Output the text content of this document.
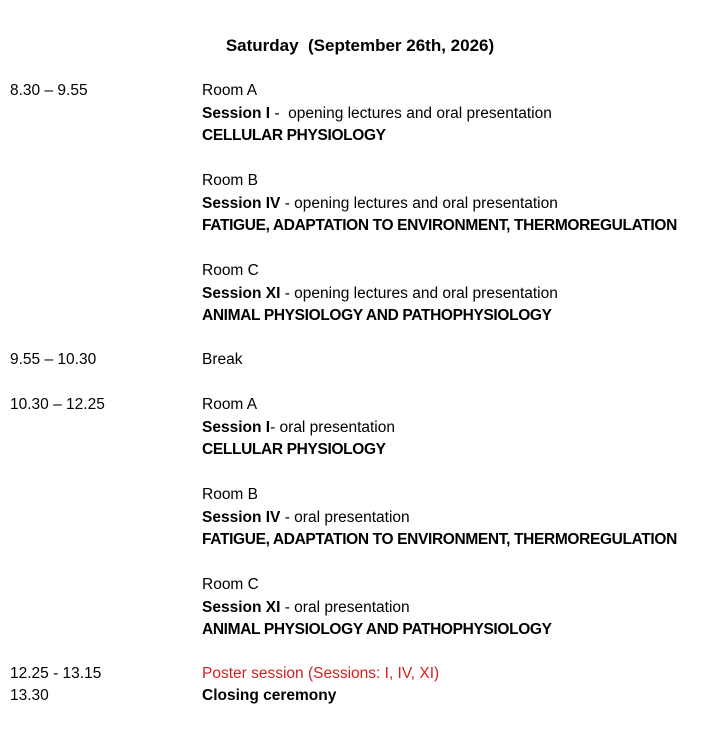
Saturday  (September 26th, 2026)
8.30 – 9.55	Room A
Session I -  opening lectures and oral presentation
CELLULAR PHYSIOLOGY
Room B
Session IV - opening lectures and oral presentation
FATIGUE, ADAPTATION TO ENVIRONMENT, THERMOREGULATION
Room C
Session XI - opening lectures and oral presentation
ANIMAL PHYSIOLOGY AND PATHOPHYSIOLOGY
9.55 – 10.30	Break
10.30 – 12.25	Room A
Session I- oral presentation
CELLULAR PHYSIOLOGY
Room B
Session IV - oral presentation
FATIGUE, ADAPTATION TO ENVIRONMENT, THERMOREGULATION
Room C
Session XI - oral presentation
ANIMAL PHYSIOLOGY AND PATHOPHYSIOLOGY
12.25 - 13.15	Poster session (Sessions: I, IV, XI)
13.30	Closing ceremony
